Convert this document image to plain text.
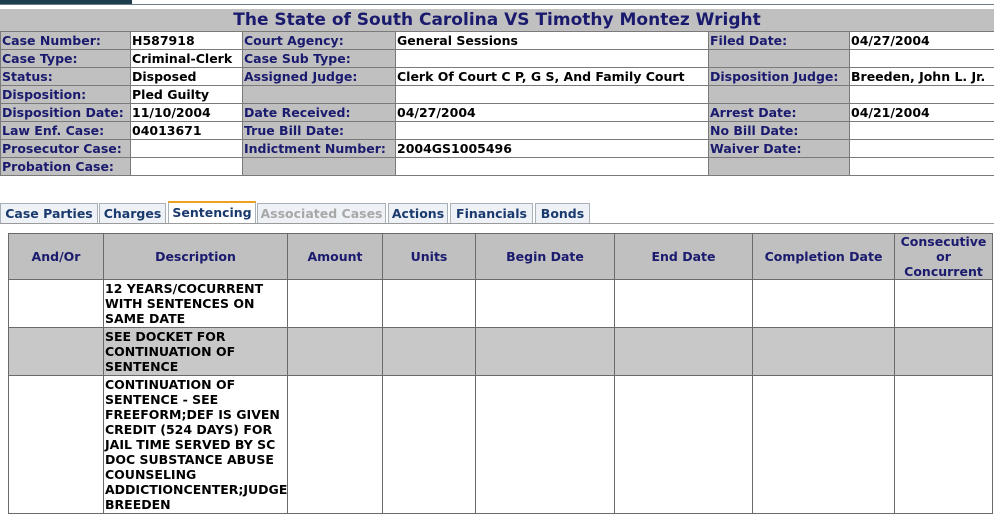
The State of South Carolina VS Timothy Montez Wright
Case Number:	H587918	Court Agency:	General Sessions	Filed Date:	04/27/2004
Case Type:	Criminal-Clerk	Case Sub Type:			
Status:	Disposed	Assigned Judge:	Clerk Of Court C P, G S, And Family Court	Disposition Judge:	Breeden, John L. Jr.
Disposition:	Pled Guilty				
Disposition Date:	11/10/2004	Date Received:	04/27/2004	Arrest Date:	04/21/2004
Law Enf. Case:	04013671	True Bill Date:		No Bill Date:	
Prosecutor Case:		Indictment Number:	2004GS1005496	Waiver Date:	
Probation Case:					
Case Parties Charges Sentencing Associated Cases Actions Financials	Bonds
And/Or	Description	Amount	Units	Begin Date	End Date	Completion Date	Consecutive
or Concurrent

	12 YEARS/COCURRENT WITH SENTENCES ON SAME DATE						
	SEE DOCKET FOR CONTINUATION OF SENTENCE						
	CONTINUATION OF SENTENCE - SEE FREEFORM;DEF IS GIVEN CREDIT (524 DAYS) FOR JAIL TIME SERVED BY SC DOC SUBSTANCE ABUSE COUNSELING ADDICTIONCENTER;JUDGE BREEDEN						
